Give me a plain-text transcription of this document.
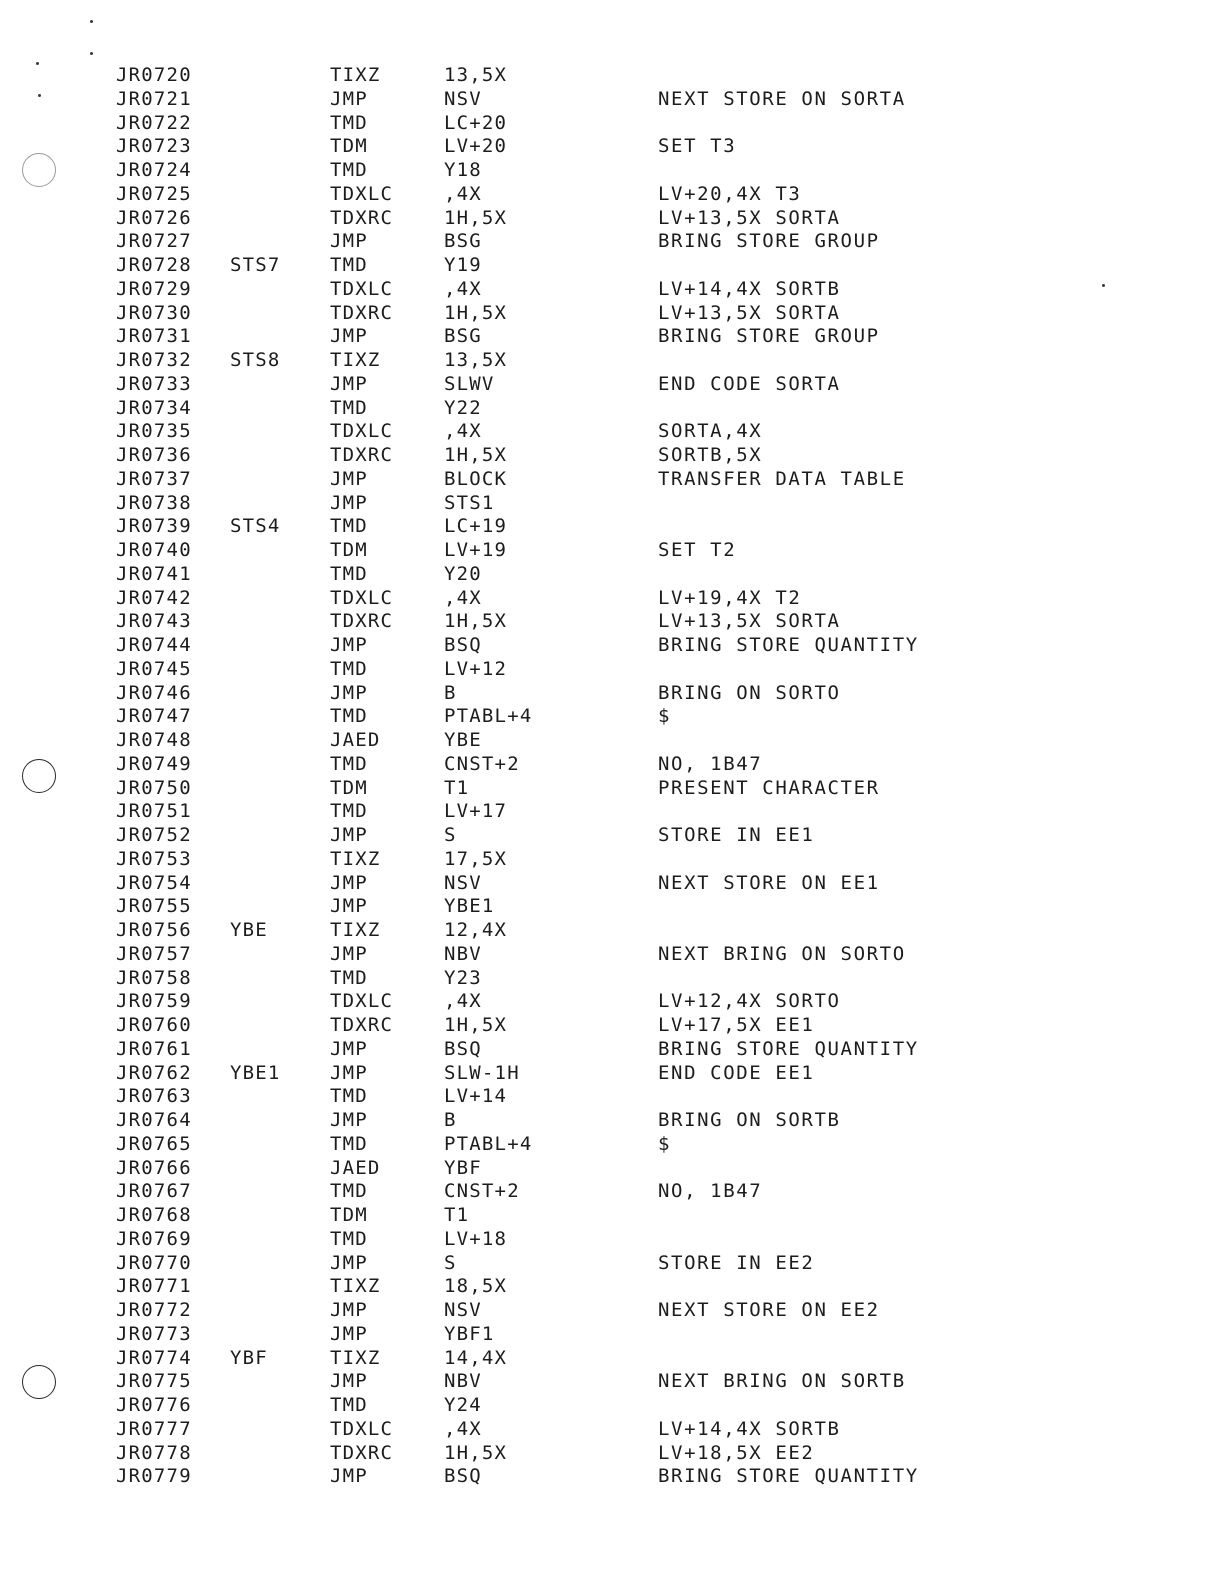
JR0720	TIXZ	13,5X
JR0721	JMP	NSV	NEXT STORE ON SORTA
JR0722	TMD	LC+20
JR0723	TDM	LV+20	SET T3
JR0724	TMD	Y18
JR0725	TDXLC	,4X	LV+20,4X T3
JR0726	TDXRC	1H,5X	LV+13,5X SORTA
JR0727	JMP	BSG	BRING STORE GROUP
JR0728 STS7	TMD	Y19
JR0729	TDXLC	,4X	LV+14,4X SORTB
JR0730	TDXRC	1H,5X	LV+13,5X SORTA
JR0731	JMP	BSG	BRING STORE GROUP
JR0732 STS8	TIXZ	13,5X
JR0733	JMP	SLWV	END CODE SORTA
JR0734	TMD	Y22
JR0735	TDXLC	,4X	SORTA,4X
JR0736	TDXRC	1H,5X	SORTB,5X
JR0737	JMP	BLOCK	TRANSFER DATA TABLE
JR0738	JMP	STS1
JR0739 STS4	TMD	LC+19
JR0740	TDM	LV+19	SET T2
JR0741	TMD	Y20
JR0742	TDXLC	,4X	LV+19,4X T2
JR0743	TDXRC	1H,5X	LV+13,5X SORTA
JR0744	JMP	BSQ	BRING STORE QUANTITY
JR0745	TMD	LV+12
JR0746	JMP	B	BRING ON SORTO
JR0747	TMD	PTABL+4	$
JR0748	JAED	YBE
JR0749	TMD	CNST+2	NO, 1B47
JR0750	TDM	T1	PRESENT CHARACTER
JR0751	TMD	LV+17
JR0752	JMP	S	STORE IN EE1
JR0753	TIXZ	17,5X
JR0754	JMP	NSV	NEXT STORE ON EE1
JR0755	JMP	YBE1
JR0756 YBE	TIXZ	12,4X
JR0757	JMP	NBV	NEXT BRING ON SORTO
JR0758	TMD	Y23
JR0759	TDXLC	,4X	LV+12,4X SORTO
JR0760	TDXRC	1H,5X	LV+17,5X EE1
JR0761	JMP	BSQ	BRING STORE QUANTITY
JR0762 YBE1	JMP	SLW-1H	END CODE EE1
JR0763	TMD	LV+14
JR0764	JMP	B	BRING ON SORTB
JR0765	TMD	PTABL+4	$
JR0766	JAED	YBF
JR0767	TMD	CNST+2	NO, 1B47
JR0768	TDM	T1
JR0769	TMD	LV+18
JR0770	JMP	S	STORE IN EE2
JR0771	TIXZ	18,5X
JR0772	JMP	NSV	NEXT STORE ON EE2
JR0773	JMP	YBF1
JR0774 YBF	TIXZ	14,4X
JR0775	JMP	NBV	NEXT BRING ON SORTB
JR0776	TMD	Y24
JR0777	TDXLC	,4X	LV+14,4X SORTB
JR0778	TDXRC	1H,5X	LV+18,5X EE2
JR0779	JMP	BSQ	BRING STORE QUANTITY
